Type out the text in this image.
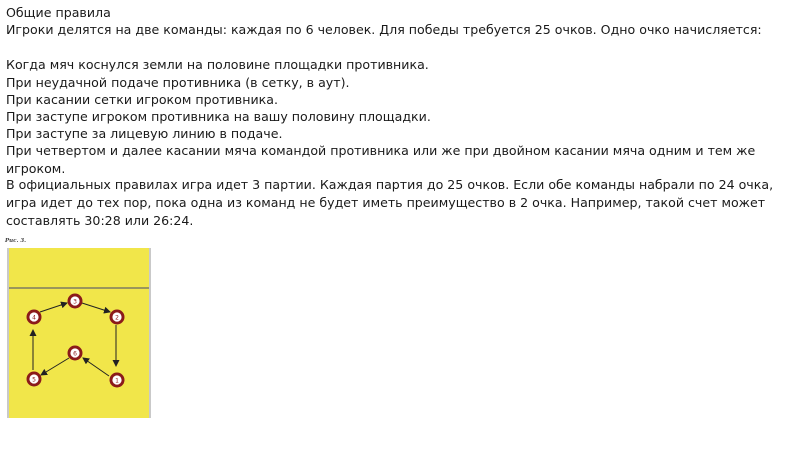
Общие правила
Игроки делятся на две команды: каждая по 6 человек. Для победы требуется 25 очков. Одно очко начисляется:
Когда мяч коснулся земли на половине площадки противника.
При неудачной подаче противника (в сетку, в аут).
При касании сетки игроком противника.
При заступе игроком противника на вашу половину площадки.
При заступе за лицевую линию в подаче.
При четвертом и далее касании мяча командой противника или же при двойном касании мяча одним и тем же игроком.
В официальных правилах игра идет 3 партии. Каждая партия до 25 очков. Если обе команды набрали по 24 очка,
игра идет до тех пор, пока одна из команд не будет иметь преимущество в 2 очка. Например, такой счет может
составлять 30:28 или 26:24.
Рис. 3.
3
4	2
6
5	1
